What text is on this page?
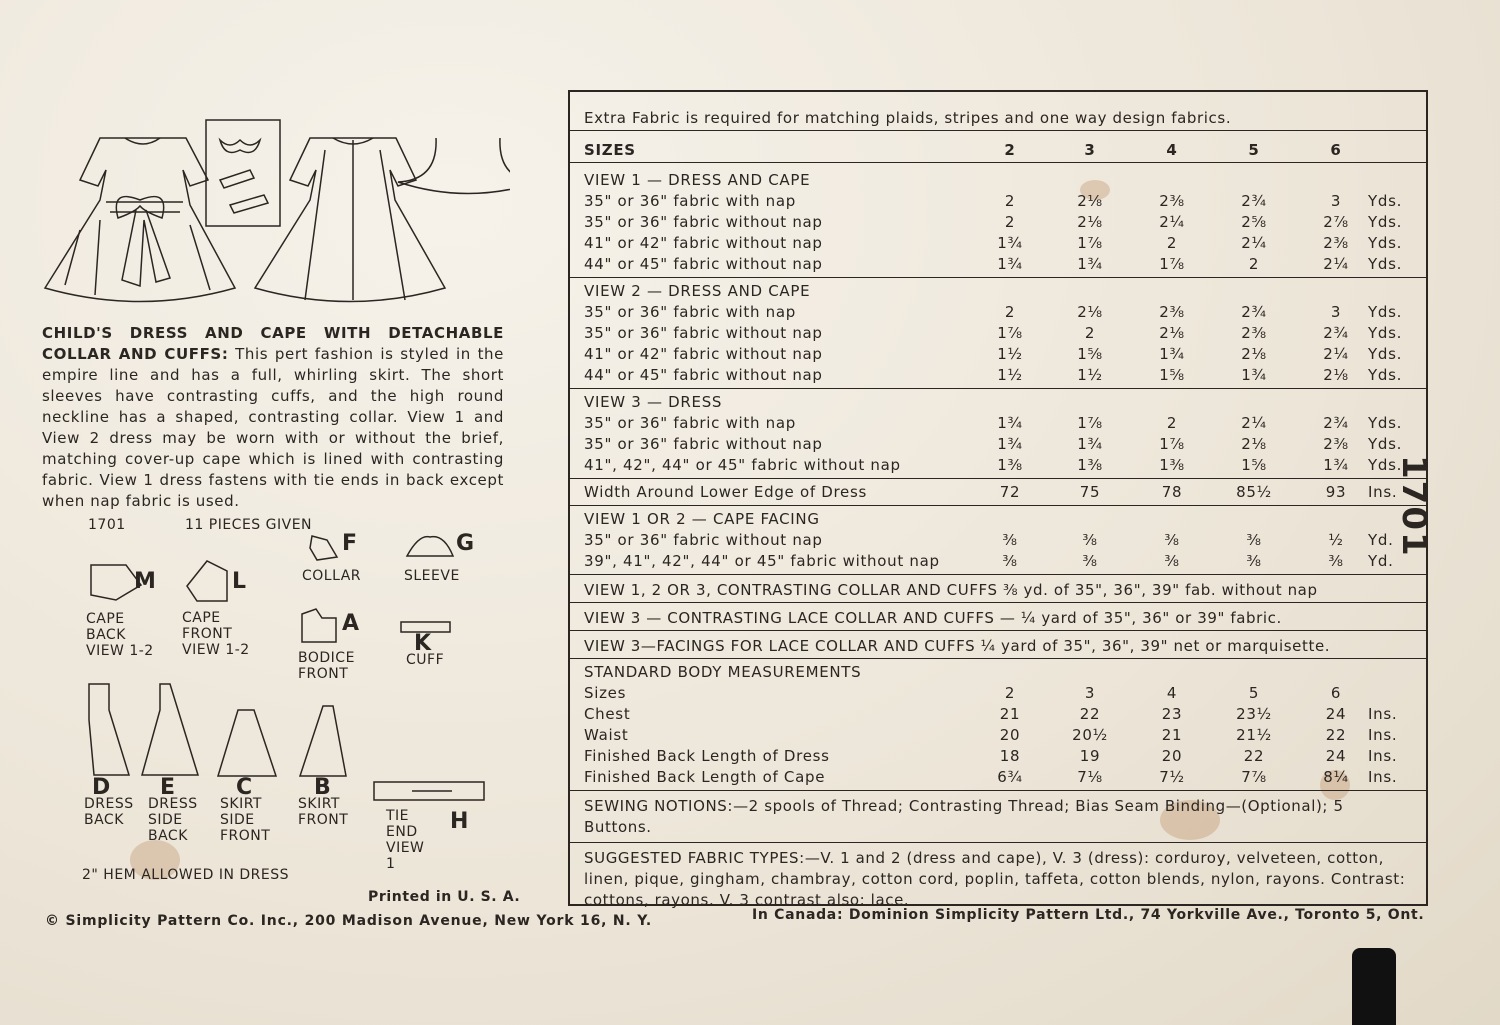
CHILD'S DRESS AND CAPE WITH DETACHABLE COLLAR AND CUFFS: This pert fashion is styled in the empire line and has a full, whirling skirt. The short sleeves have contrasting cuffs, and the high round neckline has a shaped, contrasting collar. View 1 and View 2 dress may be worn with or without the brief, matching cover-up cape which is lined with contrasting fabric. View 1 dress fastens with tie ends in back except when nap fabric is used.
1701	11 PIECES GIVEN
M
CAPE BACK VIEW 1-2
L
CAPE FRONT VIEW 1-2
F
COLLAR
G
SLEEVE
A
BODICE FRONT
K
CUFF
D
DRESS BACK
E
DRESS SIDE BACK
C
SKIRT SIDE FRONT
B
SKIRT FRONT	H
TIE END VIEW 1
2" HEM ALLOWED IN DRESS
Printed in U. S. A.
© Simplicity Pattern Co. Inc., 200 Madison Avenue, New York 16, N. Y.	In Canada: Dominion Simplicity Pattern Ltd., 74 Yorkville Ave., Toronto 5, Ont.
Extra Fabric is required for matching plaids, stripes and one way design fabrics.
SIZES	2	3	4	5	6
VIEW 1 — DRESS AND CAPE
35" or 36" fabric with nap	2	2⅛	2⅜	2¾	3	Yds.
35" or 36" fabric without nap	2	2⅛	2¼	2⅝	2⅞	Yds.
41" or 42" fabric without nap	1¾	1⅞	2	2¼	2⅜	Yds.
44" or 45" fabric without nap	1¾	1¾	1⅞	2	2¼	Yds.
VIEW 2 — DRESS AND CAPE
35" or 36" fabric with nap	2	2⅛	2⅜	2¾	3	Yds.
35" or 36" fabric without nap	1⅞	2	2⅛	2⅜	2¾	Yds.
41" or 42" fabric without nap	1½	1⅝	1¾	2⅛	2¼	Yds.
44" or 45" fabric without nap	1½	1½	1⅝	1¾	2⅛	Yds.
VIEW 3 — DRESS
35" or 36" fabric with nap	1¾	1⅞	2	2¼	2¾	Yds.
35" or 36" fabric without nap	1¾	1¾	1⅞	2⅛	2⅜	Yds.
41", 42", 44" or 45" fabric without nap	1⅜	1⅜	1⅜	1⅝	1¾	Yds.
Width Around Lower Edge of Dress	72	75	78	85½	93	Ins.
VIEW 1 OR 2 — CAPE FACING
35" or 36" fabric without nap	⅜	⅜	⅜	⅜	½	Yd.
39", 41", 42", 44" or 45" fabric without nap	⅜	⅜	⅜	⅜	⅜	Yd.
VIEW 1, 2 OR 3, CONTRASTING COLLAR AND CUFFS ⅜ yd. of 35", 36", 39" fab. without nap
VIEW 3 — CONTRASTING LACE COLLAR AND CUFFS — ¼ yard of 35", 36" or 39" fabric.
VIEW 3—FACINGS FOR LACE COLLAR AND CUFFS ¼ yard of 35", 36", 39" net or marquisette.
STANDARD BODY MEASUREMENTS
Sizes	2	3	4	5	6
Chest	21	22	23	23½	24	Ins.
Waist	20	20½	21	21½	22	Ins.
Finished Back Length of Dress	18	19	20	22	24	Ins.
Finished Back Length of Cape	6¾	7⅛	7½	7⅞	8¼	Ins.
SEWING NOTIONS:—2 spools of Thread; Contrasting Thread; Bias Seam Binding—(Optional); 5 Buttons.
SUGGESTED FABRIC TYPES:—V. 1 and 2 (dress and cape), V. 3 (dress): corduroy, velveteen, cotton, linen, pique, gingham, chambray, cotton cord, poplin, taffeta, cotton blends, nylon, rayons. Contrast: cottons, rayons. V. 3 contrast also: lace.
1701
